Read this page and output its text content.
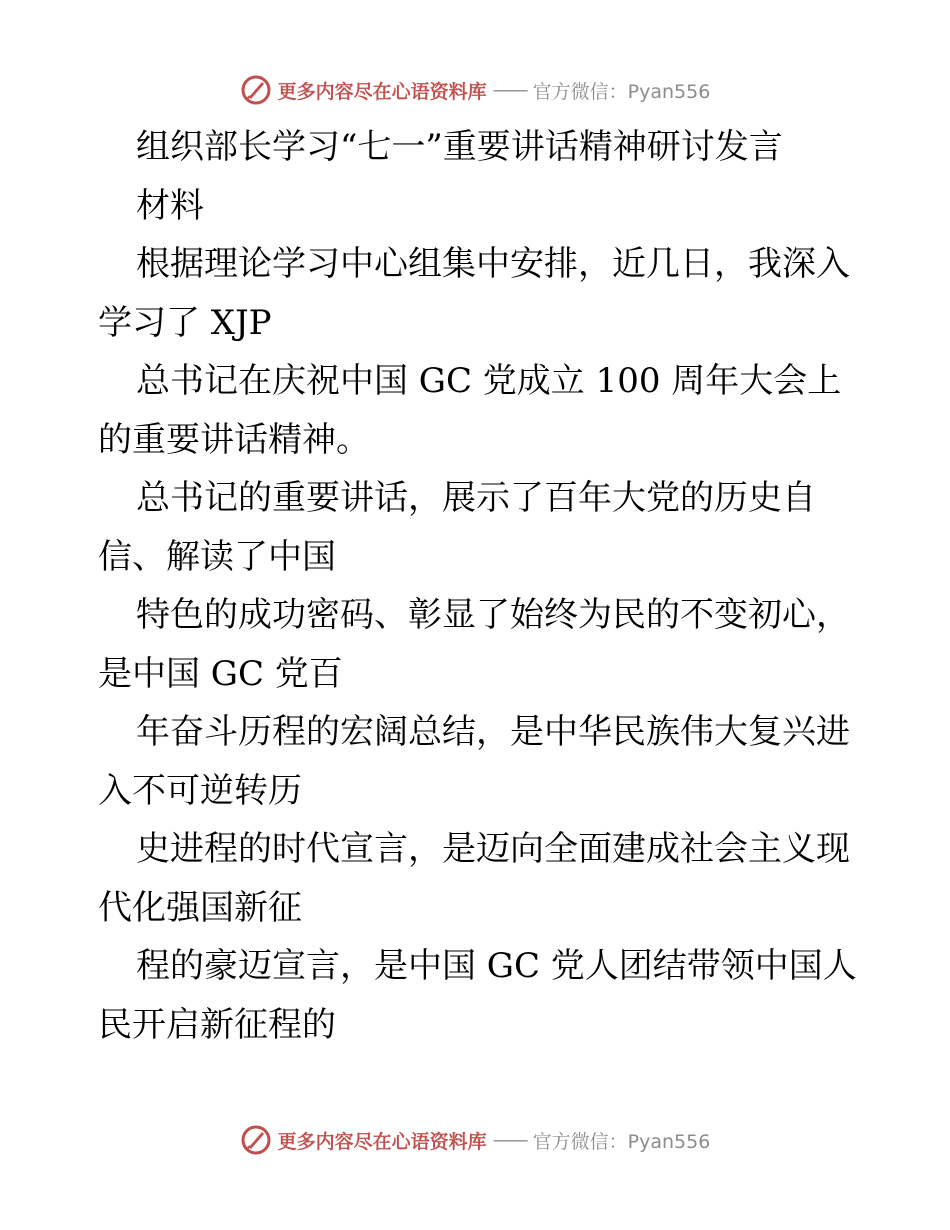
更多内容尽在心语资料库 —— 官方微信：Pyan556
组织部长学习“七一”重要讲话精神研讨发言
材料
根据理论学习中心组集中安排，近几日，我深入
学习了 XJP
总书记在庆祝中国 GC 党成立 100 周年大会上
的重要讲话精神。
总书记的重要讲话，展示了百年大党的历史自
信、解读了中国
特色的成功密码、彰显了始终为民的不变初心，
是中国 GC 党百
年奋斗历程的宏阔总结，是中华民族伟大复兴进
入不可逆转历
史进程的时代宣言，是迈向全面建成社会主义现
代化强国新征
程的豪迈宣言，是中国 GC 党人团结带领中国人
民开启新征程的
更多内容尽在心语资料库 —— 官方微信：Pyan556
